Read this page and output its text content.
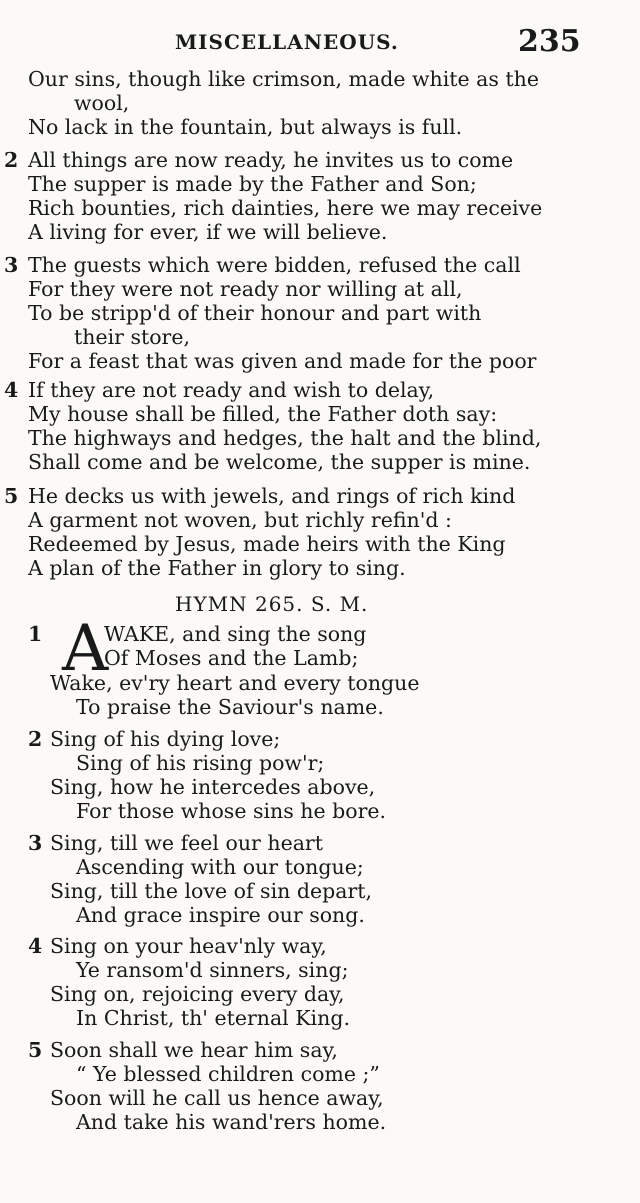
MISCELLANEOUS.	235
Our sins, though like crimson, made white as the
wool,
No lack in the fountain, but always is full.
2 All things are now ready, he invites us to come
The supper is made by the Father and Son;
Rich bounties, rich dainties, here we may receive
A living for ever, if we will believe.
3 The guests which were bidden, refused the call
For they were not ready nor willing at all,
To be stripp'd of their honour and part with
their store,
For a feast that was given and made for the poor
4 If they are not ready and wish to delay,
My house shall be filled, the Father doth say:
The highways and hedges, the halt and the blind,
Shall come and be welcome, the supper is mine.
5 He decks us with jewels, and rings of rich kind
A garment not woven, but richly refin'd :
Redeemed by Jesus, made heirs with the King
A plan of the Father in glory to sing.
HYMN 265. S. M.
1 A
WAKE, and sing the song
Of Moses and the Lamb;
Wake, ev'ry heart and every tongue
To praise the Saviour's name.
2 Sing of his dying love;
Sing of his rising pow'r;
Sing, how he intercedes above,
For those whose sins he bore.
3 Sing, till we feel our heart
Ascending with our tongue;
Sing, till the love of sin depart,
And grace inspire our song.
4 Sing on your heav'nly way,
Ye ransom'd sinners, sing;
Sing on, rejoicing every day,
In Christ, th' eternal King.
5 Soon shall we hear him say,
“ Ye blessed children come ;”
Soon will he call us hence away,
And take his wand'rers home.
